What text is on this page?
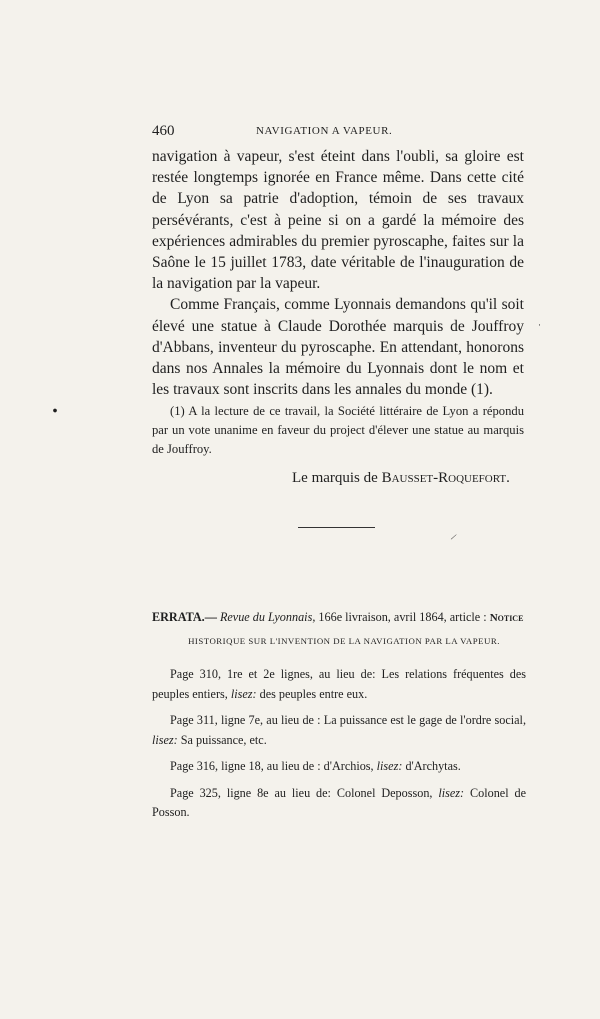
460	NAVIGATION A VAPEUR.

navigation à vapeur, s'est éteint dans l'oubli, sa gloire est restée longtemps ignorée en France même. Dans cette cité de Lyon sa patrie d'adoption, témoin de ses travaux persévérants, c'est à peine si on a gardé la mémoire des expériences admirables du premier pyroscaphe, faites sur la Saône le 15 juillet 1783, date véritable de l'inauguration de la navigation par la vapeur.

Comme Français, comme Lyonnais demandons qu'il soit élevé une statue à Claude Dorothée marquis de Jouffroy d'Abbans, inventeur du pyroscaphe. En attendant, honorons dans nos Annales la mémoire du Lyonnais dont le nom et les travaux sont inscrits dans les annales du monde (1).

•
·

(1) A la lecture de ce travail, la Société littéraire de Lyon a répondu par un vote unanime en faveur du project d'élever une statue au marquis de Jouffroy.

Le marquis de Bausset-Roquefort.
/
ERRATA.— Revue du Lyonnais, 166e livraison, avril 1864, article : Notice
HISTORIQUE SUR L'INVENTION DE LA NAVIGATION PAR LA VAPEUR.

Page 310, 1re et 2e lignes, au lieu de: Les relations fréquentes des peuples entiers, lisez: des peuples entre eux.

Page 311, ligne 7e, au lieu de : La puissance est le gage de l'ordre social, lisez: Sa puissance, etc.

Page 316, ligne 18, au lieu de : d'Archios, lisez: d'Archytas.

Page 325, ligne 8e au lieu de: Colonel Deposson, lisez: Colonel de Posson.
